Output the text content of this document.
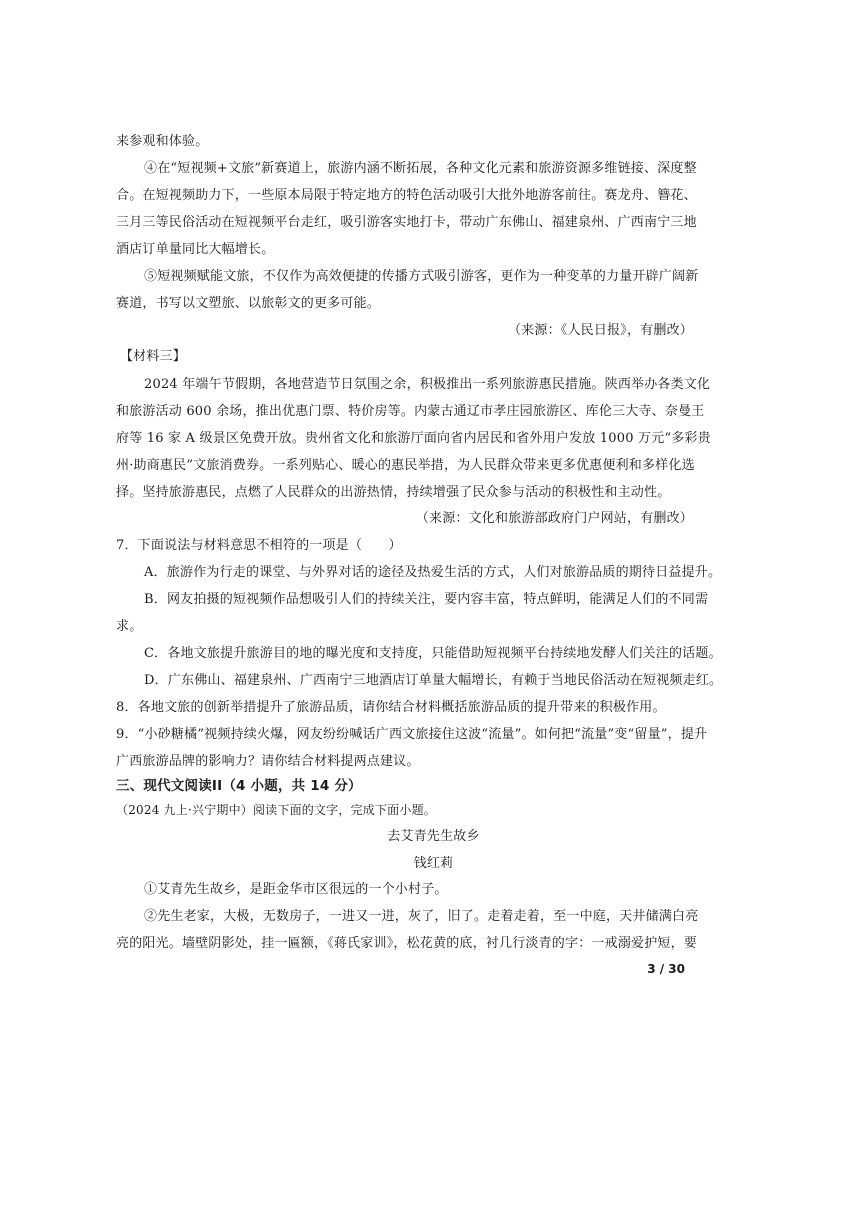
来参观和体验。
④在“短视频+文旅”新赛道上，旅游内涵不断拓展，各种文化元素和旅游资源多维链接、深度整
合。在短视频助力下，一些原本局限于特定地方的特色活动吸引大批外地游客前往。赛龙舟、簪花、
三月三等民俗活动在短视频平台走红，吸引游客实地打卡，带动广东佛山、福建泉州、广西南宁三地
酒店订单量同比大幅增长。
⑤短视频赋能文旅，不仅作为高效便捷的传播方式吸引游客，更作为一种变革的力量开辟广阔新
赛道，书写以文塑旅、以旅彰文的更多可能。
（来源：《人民日报》，有删改）
【材料三】
2024 年端午节假期，各地营造节日氛围之余，积极推出一系列旅游惠民措施。陕西举办各类文化
和旅游活动 600 余场，推出优惠门票、特价房等。内蒙古通辽市孝庄园旅游区、库伦三大寺、奈曼王
府等 16 家 A 级景区免费开放。贵州省文化和旅游厅面向省内居民和省外用户发放 1000 万元“多彩贵
州·助商惠民”文旅消费券。一系列贴心、暖心的惠民举措，为人民群众带来更多优惠便利和多样化选
择。坚持旅游惠民，点燃了人民群众的出游热情，持续增强了民众参与活动的积极性和主动性。
（来源：文化和旅游部政府门户网站，有删改）
7．下面说法与材料意思不相符的一项是（　　）
A．旅游作为行走的课堂、与外界对话的途径及热爱生活的方式，人们对旅游品质的期待日益提升。
B．网友拍摄的短视频作品想吸引人们的持续关注，要内容丰富，特点鲜明，能满足人们的不同需
求。
C．各地文旅提升旅游目的地的曝光度和支持度，只能借助短视频平台持续地发酵人们关注的话题。
D．广东佛山、福建泉州、广西南宁三地酒店订单量大幅增长，有赖于当地民俗活动在短视频走红。
8．各地文旅的创新举措提升了旅游品质，请你结合材料概括旅游品质的提升带来的积极作用。
9．“小砂糖橘”视频持续火爆，网友纷纷喊话广西文旅接住这波“流量”。如何把“流量”变“留量”，提升
广西旅游品牌的影响力？请你结合材料提两点建议。
三、现代文阅读II（4 小题，共 14 分）
（2024 九上·兴宁期中）阅读下面的文字，完成下面小题。
去艾青先生故乡
钱红莉
①艾青先生故乡，是距金华市区很远的一个小村子。
②先生老家，大极，无数房子，一进又一进，灰了，旧了。走着走着，至一中庭，天井储满白亮
亮的阳光。墙壁阴影处，挂一匾额，《蒋氏家训》，松花黄的底，衬几行淡青的字：一戒溺爱护短，要
3 / 30
